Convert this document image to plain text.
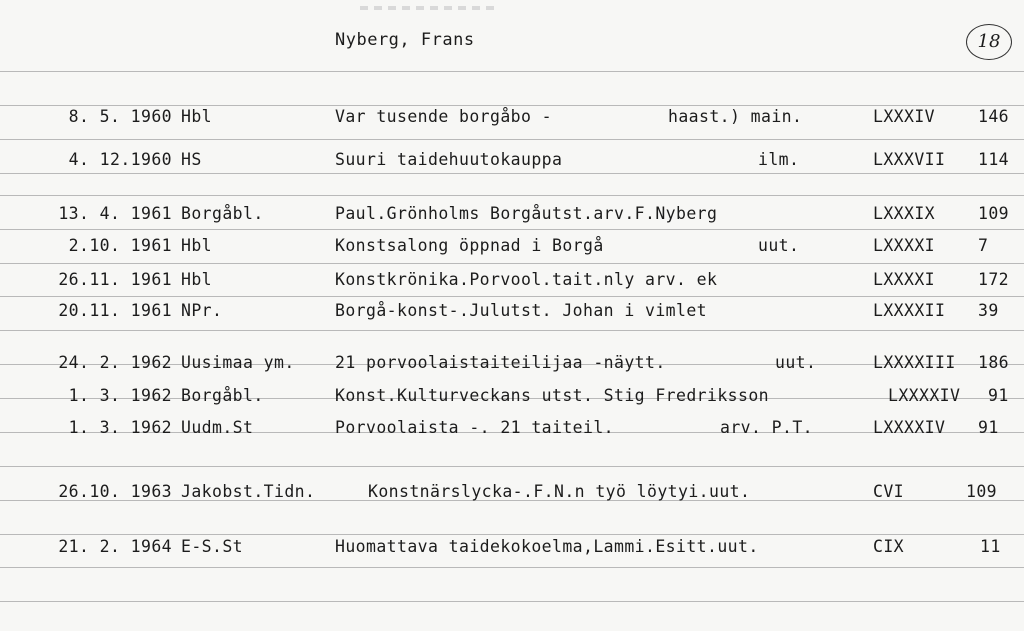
Nyberg, Frans	18
8. 5. 1960 Hbl	Var tusende borgåbo -	haast.) main.	LXXXIV	146
4. 12.1960 HS	Suuri taidehuutokauppa	ilm.	LXXXVII 114
13. 4. 1961 Borgåbl.	Paul.Grönholms Borgåutst.arv.F.Nyberg	LXXXIX	109
2.10. 1961 Hbl	Konstsalong öppnad i Borgå	uut.	LXXXXI	7
26.11. 1961 Hbl	Konstkrönika.Porvool.tait.nly arv. ek	LXXXXI	172
20.11. 1961 NPr.	Borgå-konst-.Julutst. Johan i vimlet	LXXXXII 39
24. 2. 1962 Uusimaa ym. 21 porvoolaistaiteilijaa -näytt.	uut.	LXXXXIII 186
1. 3. 1962 Borgåbl.	Konst.Kulturveckans utst. Stig Fredriksson	LXXXXIV 91
1. 3. 1962 Uudm.St	Porvoolaista -. 21 taiteil.	arv. P.T.	LXXXXIV 91
26.10. 1963 Jakobst.Tidn.	Konstnärslycka-.F.N.n työ löytyi.uut.	CVI	109
21. 2. 1964 E-S.St	Huomattava taidekokoelma,Lammi.Esitt.uut.	CIX	11
